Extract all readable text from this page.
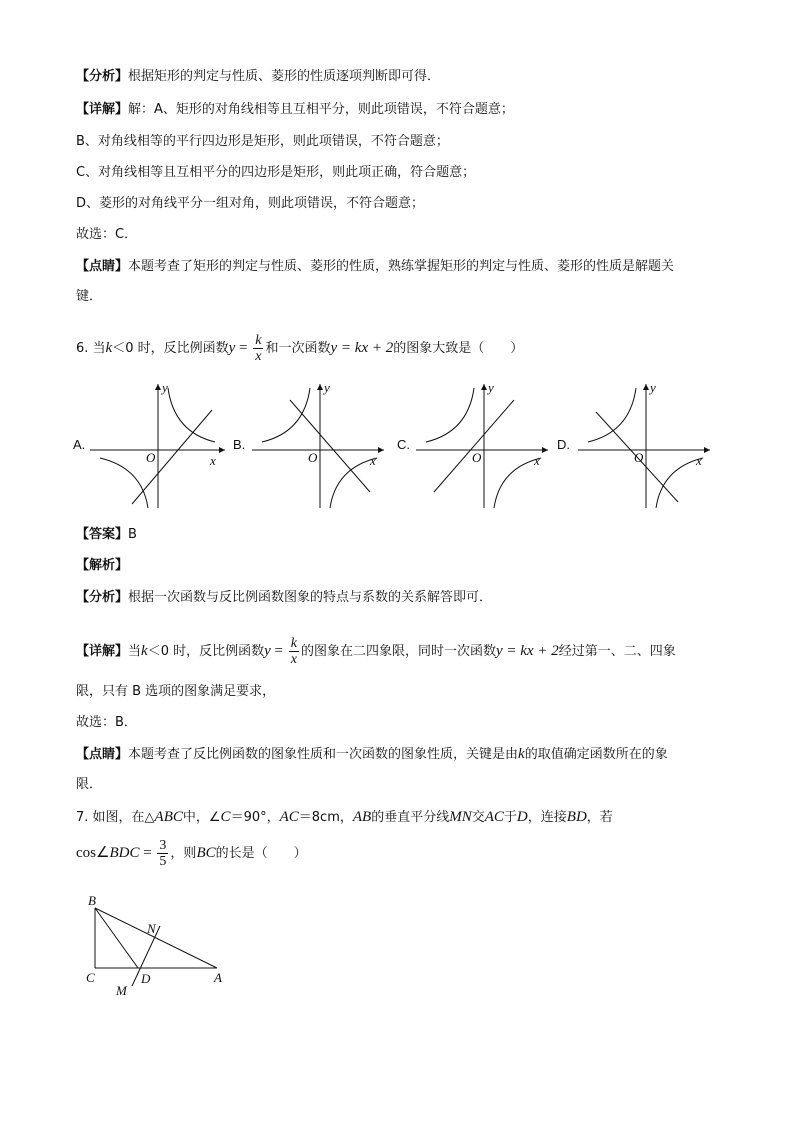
【分析】根据矩形的判定与性质、菱形的性质逐项判断即可得．
【详解】解：A、矩形的对角线相等且互相平分，则此项错误，不符合题意；
B、对角线相等的平行四边形是矩形，则此项错误，不符合题意；
C、对角线相等且互相平分的四边形是矩形，则此项正确，符合题意；
D、菱形的对角线平分一组对角，则此项错误，不符合题意；
故选：C．
【点睛】本题考查了矩形的判定与性质、菱形的性质，熟练掌握矩形的判定与性质、菱形的性质是解题关
键．
6. 当k＜0 时，反比例函数$y = \frac{k}{x}$ 和一次函数y = kx + 2的图象大致是（　　）
A.	B.	C.	D.
y
x
O
y
x
O
y
x
O
y
x
O
【答案】B
【解析】
【分析】根据一次函数与反比例函数图象的特点与系数的关系解答即可．
【详解】当k＜0 时，反比例函数$y = \frac{k}{x}$ 的图象在二四象限，同时一次函数y = kx + 2经过第一、二、四象
限，只有 B 选项的图象满足要求，
故选：B．
【点睛】本题考查了反比例函数的图象性质和一次函数的图象性质，关键是由k的取值确定函数所在的象
限．
7. 如图，在△ABC中，∠C＝90°，AC＝8cm，AB的垂直平分线MN交AC于D，连接BD，若
cos∠BDC = $\frac{3}{5}$ ，则BC的长是（　　）
B
N
C	D	A
M
